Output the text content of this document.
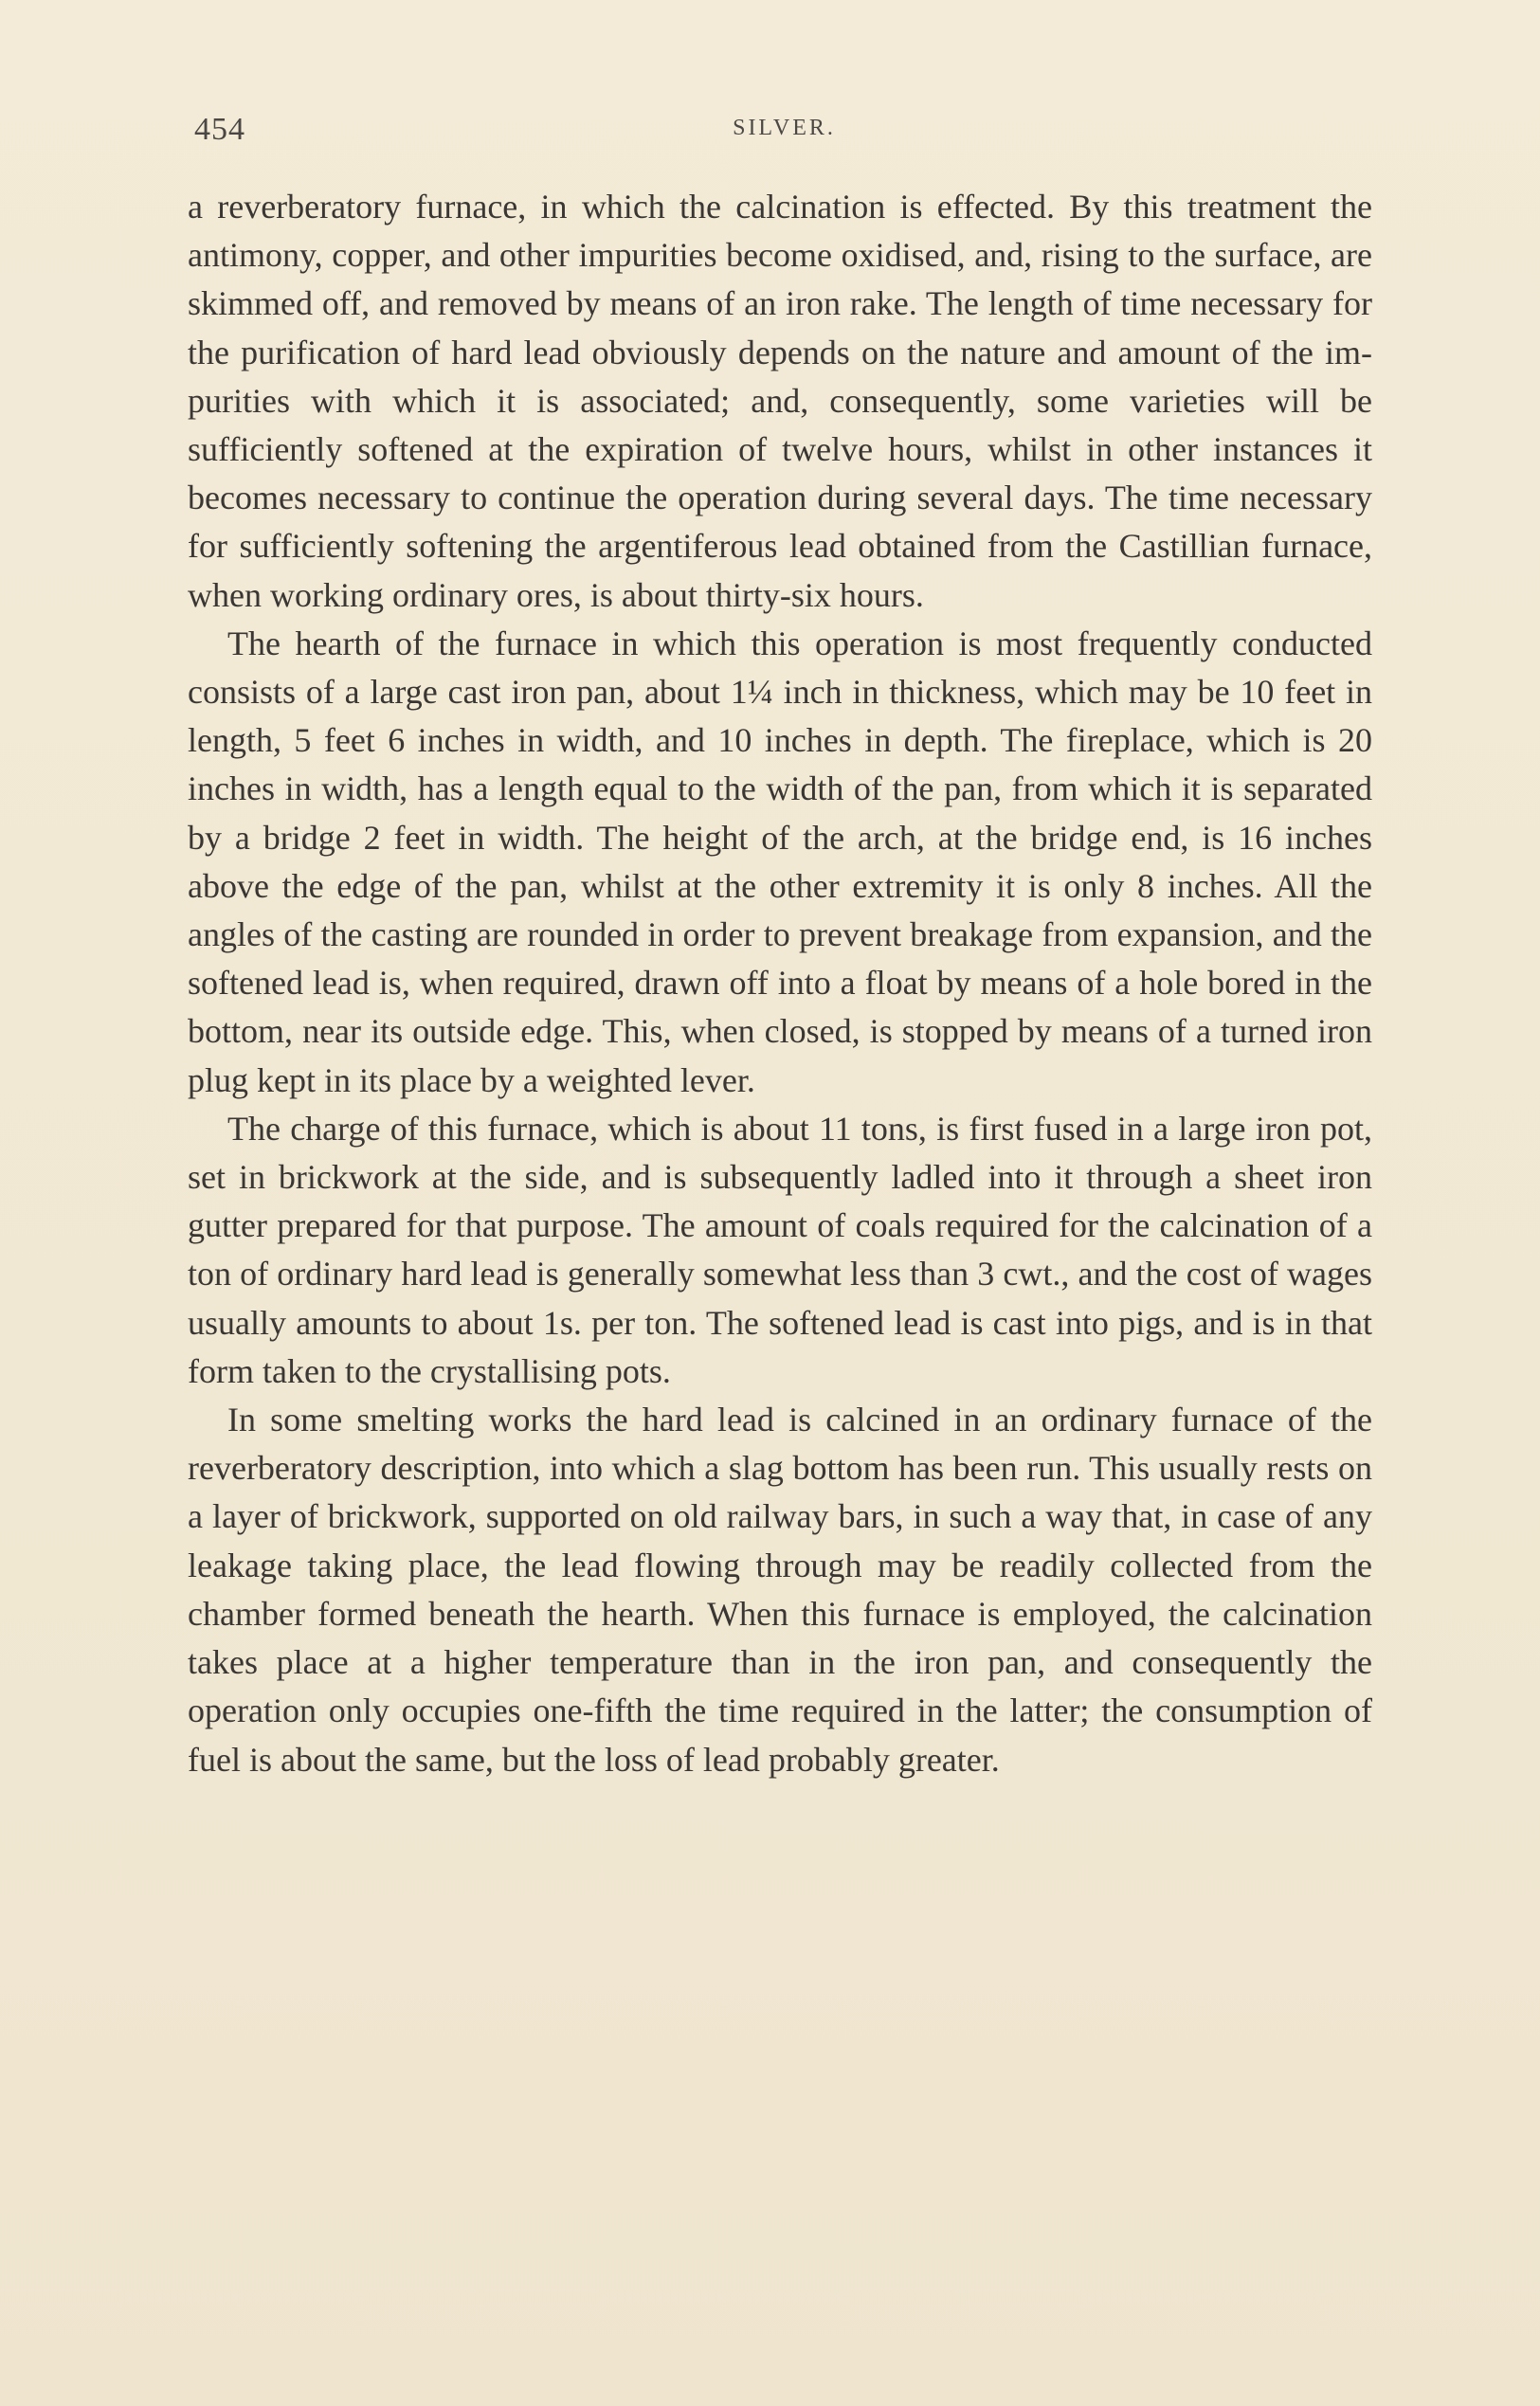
454	SILVER.

a reverberatory furnace, in which the calcination is effected. By this treatment the antimony, copper, and other impurities become oxidised, and, rising to the surface, are skimmed off, and removed by means of an iron rake. The length of time necessary for the purification of hard lead obviously depends on the nature and amount of the impurities with which it is associated; and, consequently, some varieties will be sufficiently softened at the expiration of twelve hours, whilst in other instances it becomes necessary to continue the operation during several days. The time necessary for sufficiently softening the argentiferous lead obtained from the Castillian furnace, when working ordinary ores, is about thirty-six hours.

The hearth of the furnace in which this operation is most frequently conducted consists of a large cast iron pan, about 1¼ inch in thickness, which may be 10 feet in length, 5 feet 6 inches in width, and 10 inches in depth. The fireplace, which is 20 inches in width, has a length equal to the width of the pan, from which it is separated by a bridge 2 feet in width. The height of the arch, at the bridge end, is 16 inches above the edge of the pan, whilst at the other extremity it is only 8 inches. All the angles of the casting are rounded in order to prevent breakage from expansion, and the softened lead is, when required, drawn off into a float by means of a hole bored in the bottom, near its outside edge. This, when closed, is stopped by means of a turned iron plug kept in its place by a weighted lever.

The charge of this furnace, which is about 11 tons, is first fused in a large iron pot, set in brickwork at the side, and is subsequently ladled into it through a sheet iron gutter prepared for that purpose. The amount of coals required for the calcination of a ton of ordinary hard lead is generally somewhat less than 3 cwt., and the cost of wages usually amounts to about 1s. per ton. The softened lead is cast into pigs, and is in that form taken to the crystallising pots.

In some smelting works the hard lead is calcined in an ordinary furnace of the reverberatory description, into which a slag bottom has been run. This usually rests on a layer of brickwork, supported on old railway bars, in such a way that, in case of any leakage taking place, the lead flowing through may be readily collected from the chamber formed beneath the hearth. When this furnace is employed, the calcination takes place at a higher temperature than in the iron pan, and consequently the operation only occupies one-fifth the time required in the latter; the consumption of fuel is about the same, but the loss of lead probably greater.
